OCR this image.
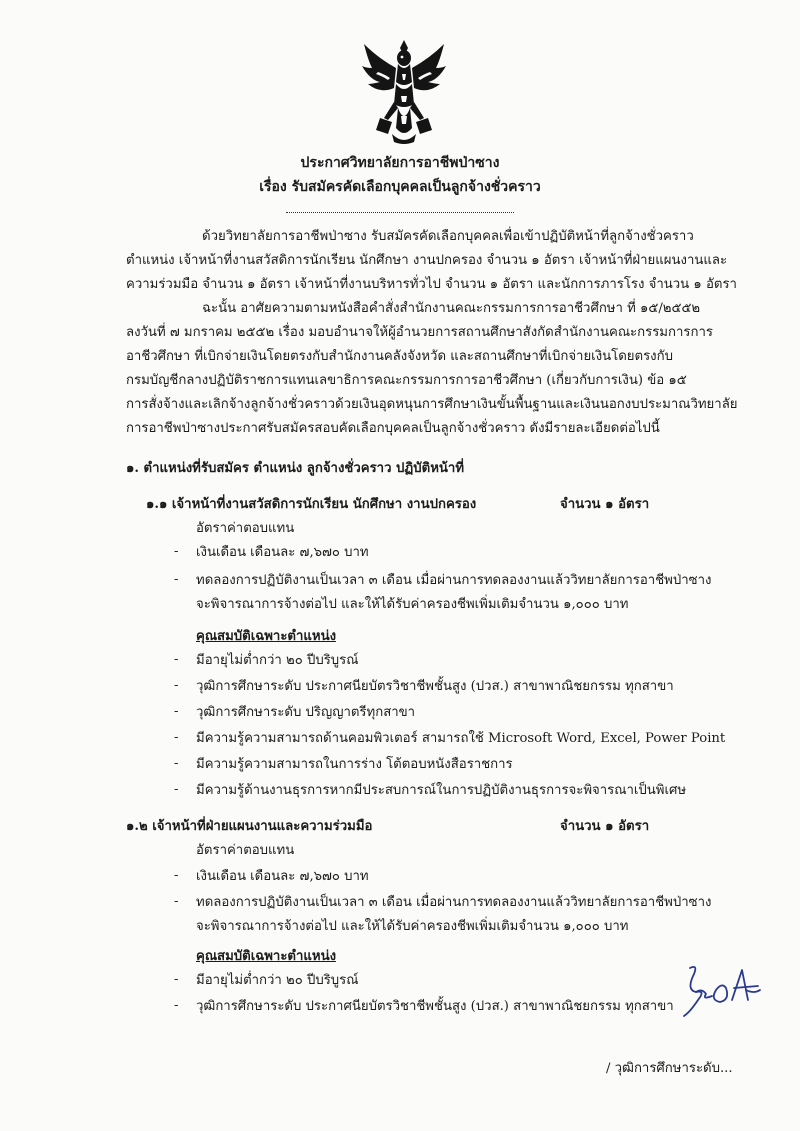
ประกาศวิทยาลัยการอาชีพป่าซาง
เรื่อง รับสมัครคัดเลือกบุคคลเป็นลูกจ้างชั่วคราว
ด้วยวิทยาลัยการอาชีพป่าซาง รับสมัครคัดเลือกบุคคลเพื่อเข้าปฏิบัติหน้าที่ลูกจ้างชั่วคราว
ตำแหน่ง เจ้าหน้าที่งานสวัสดิการนักเรียน นักศึกษา งานปกครอง จำนวน ๑ อัตรา เจ้าหน้าที่ฝ่ายแผนงานและ
ความร่วมมือ จำนวน ๑ อัตรา เจ้าหน้าที่งานบริหารทั่วไป จำนวน ๑ อัตรา และนักการภารโรง จำนวน ๑ อัตรา
ฉะนั้น อาศัยความตามหนังสือคำสั่งสำนักงานคณะกรรมการการอาชีวศึกษา ที่ ๑๕/๒๕๕๒
ลงวันที่ ๗ มกราคม ๒๕๕๒ เรื่อง มอบอำนาจให้ผู้อำนวยการสถานศึกษาสังกัดสำนักงานคณะกรรมการการ
อาชีวศึกษา ที่เบิกจ่ายเงินโดยตรงกับสำนักงานคลังจังหวัด และสถานศึกษาที่เบิกจ่ายเงินโดยตรงกับ
กรมบัญชีกลางปฏิบัติราชการแทนเลขาธิการคณะกรรมการการอาชีวศึกษา (เกี่ยวกับการเงิน) ข้อ ๑๕
การสั่งจ้างและเลิกจ้างลูกจ้างชั่วคราวด้วยเงินอุดหนุนการศึกษาเงินขั้นพื้นฐานและเงินนอกงบประมาณวิทยาลัย
การอาชีพป่าซางประกาศรับสมัครสอบคัดเลือกบุคคลเป็นลูกจ้างชั่วคราว ดังมีรายละเอียดต่อไปนี้
๑. ตำแหน่งที่รับสมัคร ตำแหน่ง ลูกจ้างชั่วคราว ปฏิบัติหน้าที่
๑.๑ เจ้าหน้าที่งานสวัสดิการนักเรียน นักศึกษา งานปกครอง	จำนวน ๑ อัตรา
อัตราค่าตอบแทน
- เงินเดือน เดือนละ ๗,๖๗๐ บาท
- ทดลองการปฏิบัติงานเป็นเวลา ๓ เดือน เมื่อผ่านการทดลองงานแล้ววิทยาลัยการอาชีพป่าซาง
จะพิจารณาการจ้างต่อไป และให้ได้รับค่าครองชีพเพิ่มเติมจำนวน ๑,๐๐๐ บาท
คุณสมบัติเฉพาะตำแหน่ง
- มีอายุไม่ต่ำกว่า ๒๐ ปีบริบูรณ์
- วุฒิการศึกษาระดับ ประกาศนียบัตรวิชาชีพชั้นสูง (ปวส.) สาขาพาณิชยกรรม ทุกสาขา
- วุฒิการศึกษาระดับ ปริญญาตรีทุกสาขา
- มีความรู้ความสามารถด้านคอมพิวเตอร์ สามารถใช้ Microsoft Word, Excel, Power Point
- มีความรู้ความสามารถในการร่าง โต้ตอบหนังสือราชการ
- มีความรู้ด้านงานธุรการหากมีประสบการณ์ในการปฏิบัติงานธุรการจะพิจารณาเป็นพิเศษ
๑.๒ เจ้าหน้าที่ฝ่ายแผนงานและความร่วมมือ	จำนวน ๑ อัตรา
อัตราค่าตอบแทน
- เงินเดือน เดือนละ ๗,๖๗๐ บาท
- ทดลองการปฏิบัติงานเป็นเวลา ๓ เดือน เมื่อผ่านการทดลองงานแล้ววิทยาลัยการอาชีพป่าซาง
จะพิจารณาการจ้างต่อไป และให้ได้รับค่าครองชีพเพิ่มเติมจำนวน ๑,๐๐๐ บาท
คุณสมบัติเฉพาะตำแหน่ง
- มีอายุไม่ต่ำกว่า ๒๐ ปีบริบูรณ์
- วุฒิการศึกษาระดับ ประกาศนียบัตรวิชาชีพชั้นสูง (ปวส.) สาขาพาณิชยกรรม ทุกสาขา
/ วุฒิการศึกษาระดับ...
